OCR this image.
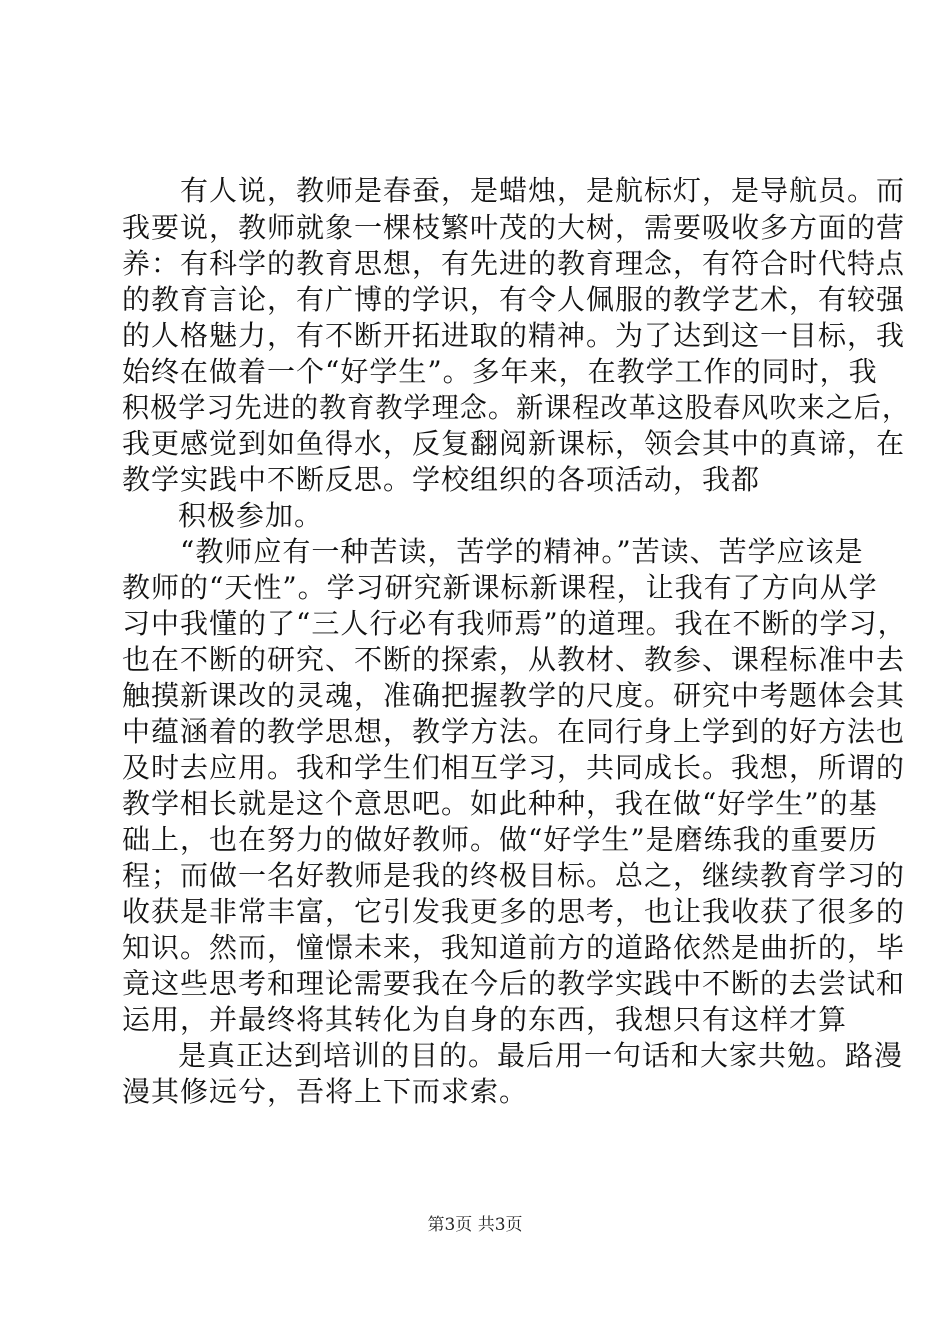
有人说，教师是春蚕，是蜡烛，是航标灯，是导航员。而
我要说，教师就象一棵枝繁叶茂的大树，需要吸收多方面的营
养：有科学的教育思想，有先进的教育理念，有符合时代特点
的教育言论，有广博的学识，有令人佩服的教学艺术，有较强
的人格魅力，有不断开拓进取的精神。为了达到这一目标，我
始终在做着一个“好学生”。多年来，在教学工作的同时，我
积极学习先进的教育教学理念。新课程改革这股春风吹来之后，
我更感觉到如鱼得水，反复翻阅新课标，领会其中的真谛，在
教学实践中不断反思。学校组织的各项活动，我都
积极参加。
“教师应有一种苦读，苦学的精神。”苦读、苦学应该是
教师的“天性”。学习研究新课标新课程，让我有了方向从学
习中我懂的了“三人行必有我师焉”的道理。我在不断的学习，
也在不断的研究、不断的探索，从教材、教参、课程标准中去
触摸新课改的灵魂，准确把握教学的尺度。研究中考题体会其
中蕴涵着的教学思想，教学方法。在同行身上学到的好方法也
及时去应用。我和学生们相互学习，共同成长。我想，所谓的
教学相长就是这个意思吧。如此种种，我在做“好学生”的基
础上，也在努力的做好教师。做“好学生”是磨练我的重要历
程；而做一名好教师是我的终极目标。总之，继续教育学习的
收获是非常丰富，它引发我更多的思考，也让我收获了很多的
知识。然而，憧憬未来，我知道前方的道路依然是曲折的，毕
竟这些思考和理论需要我在今后的教学实践中不断的去尝试和
运用，并最终将其转化为自身的东西，我想只有这样才算
是真正达到培训的目的。最后用一句话和大家共勉。路漫
漫其修远兮，吾将上下而求索。
第3页 共3页
